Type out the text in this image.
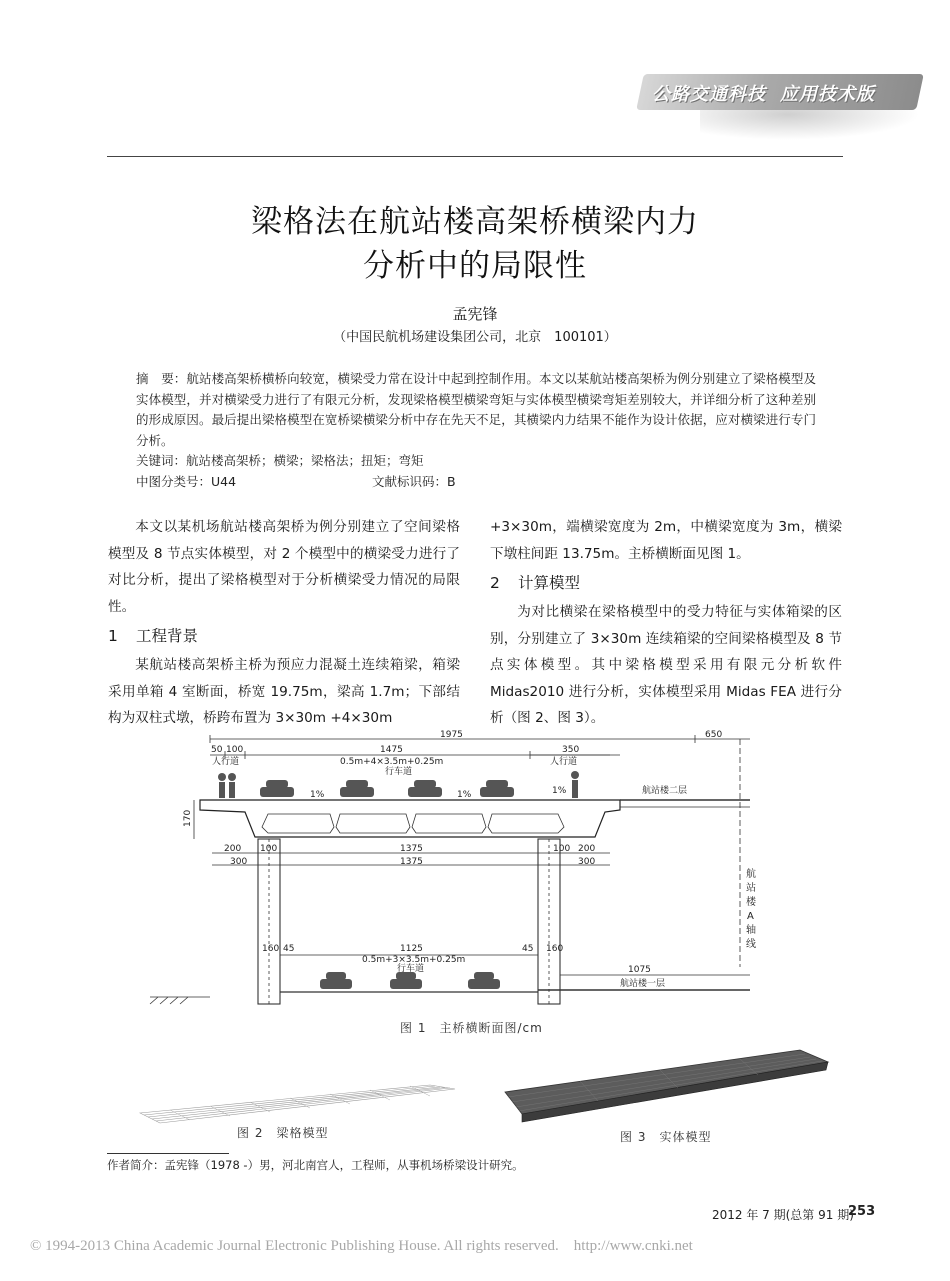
公路交通科技 应用技术版
梁格法在航站楼高架桥横梁内力
分析中的局限性
孟宪锋
（中国民航机场建设集团公司，北京　100101）
摘　要：航站楼高架桥横桥向较宽，横梁受力常在设计中起到控制作用。本文以某航站楼高架桥为例分别建立了梁格模型及实体模型，并对横梁受力进行了有限元分析，发现梁格模型横梁弯矩与实体模型横梁弯矩差别较大，并详细分析了这种差别的形成原因。最后提出梁格模型在宽桥梁横梁分析中存在先天不足，其横梁内力结果不能作为设计依据，应对横梁进行专门分析。
关键词：航站楼高架桥；横梁；梁格法；扭矩；弯矩
中图分类号：U44	文献标识码：B

本文以某机场航站楼高架桥为例分别建立了空间梁格模型及 8 节点实体模型，对 2 个模型中的横梁受力进行了对比分析，提出了梁格模型对于分析横梁受力情况的局限性。

1 工程背景

某航站楼高架桥主桥为预应力混凝土连续箱梁，箱梁采用单箱 4 室断面，桥宽 19.75m，梁高 1.7m；下部结构为双柱式墩，桥跨布置为 3×30m +4×30m

+3×30m，端横梁宽度为 2m，中横梁宽度为 3m，横梁下墩柱间距 13.75m。主桥横断面见图 1。

2 计算模型

为对比横梁在梁格模型中的受力特征与实体箱梁的区别，分别建立了 3×30m 连续箱梁的空间梁格模型及 8 节点实体模型。其中梁格模型采用有限元分析软件 Midas2010 进行分析，实体模型采用 Midas FEA 进行分析（图 2、图 3）。

1975	650
50 100	1475	350
0.5m+4×3.5m+0.25m
人行道	人行道
行车道
1%	1%	1%	航站楼二层
170
200 100
300
1375
1375
100 200
300
160 45	1125
0.5m+3×3.5m+0.25m
行车道
45 160
1075
航站楼一层
航
站
楼
A
轴
线
图 1　主桥横断面图/cm
图 2　梁格模型	图 3　实体模型
作者简介：孟宪锋（1978 -）男，河北南宫人，工程师，从事机场桥梁设计研究。
2012 年 7 期(总第 91 期)
253
© 1994-2013 China Academic Journal Electronic Publishing House. All rights reserved.    http://www.cnki.net
